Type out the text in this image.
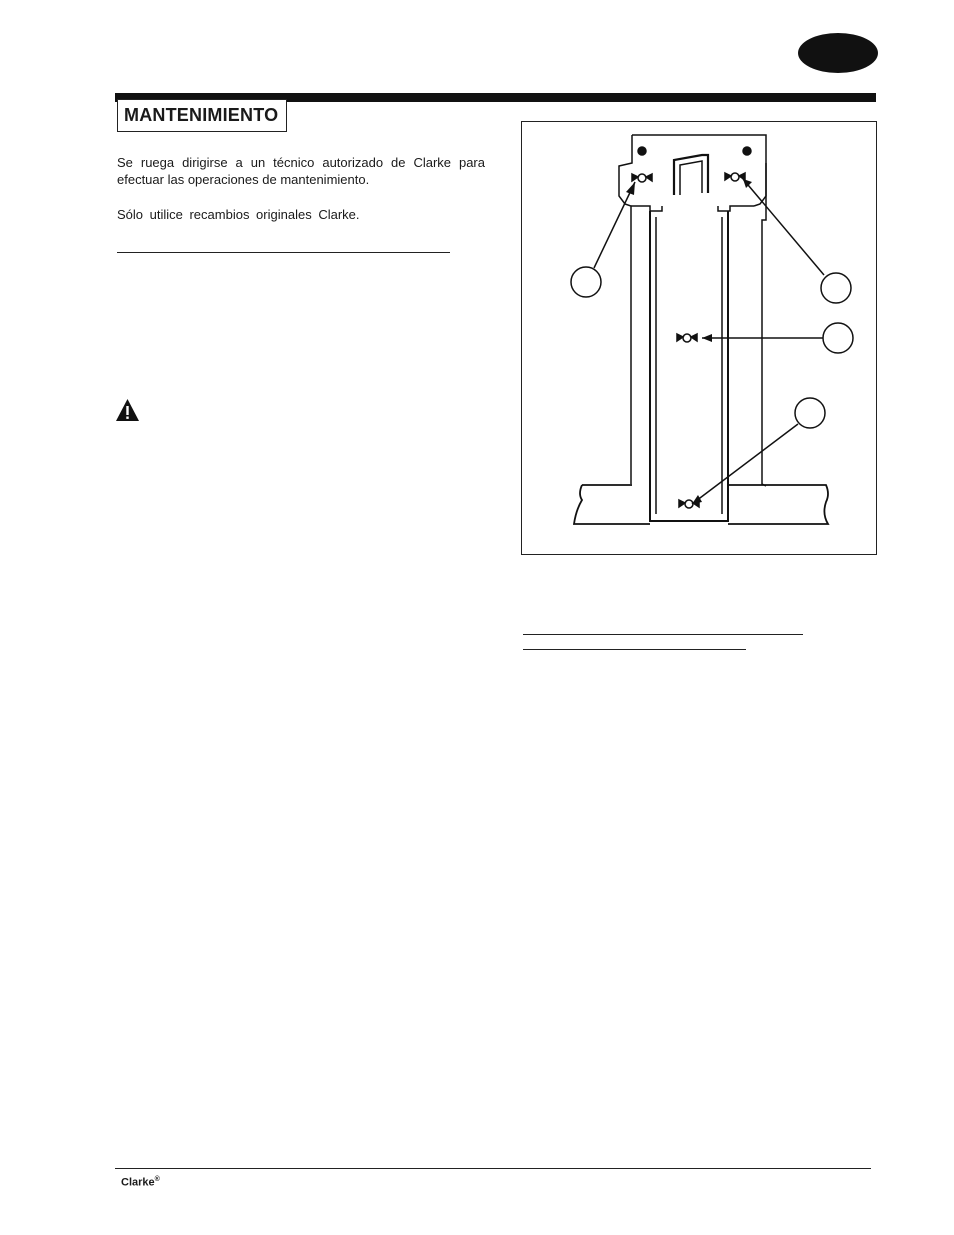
MANTENIMIENTO
Se ruega dirigirse a un técnico autorizado de Clarke para
efectuar las operaciones de mantenimiento.
Sólo utilice recambios originales Clarke.
Clarke®
